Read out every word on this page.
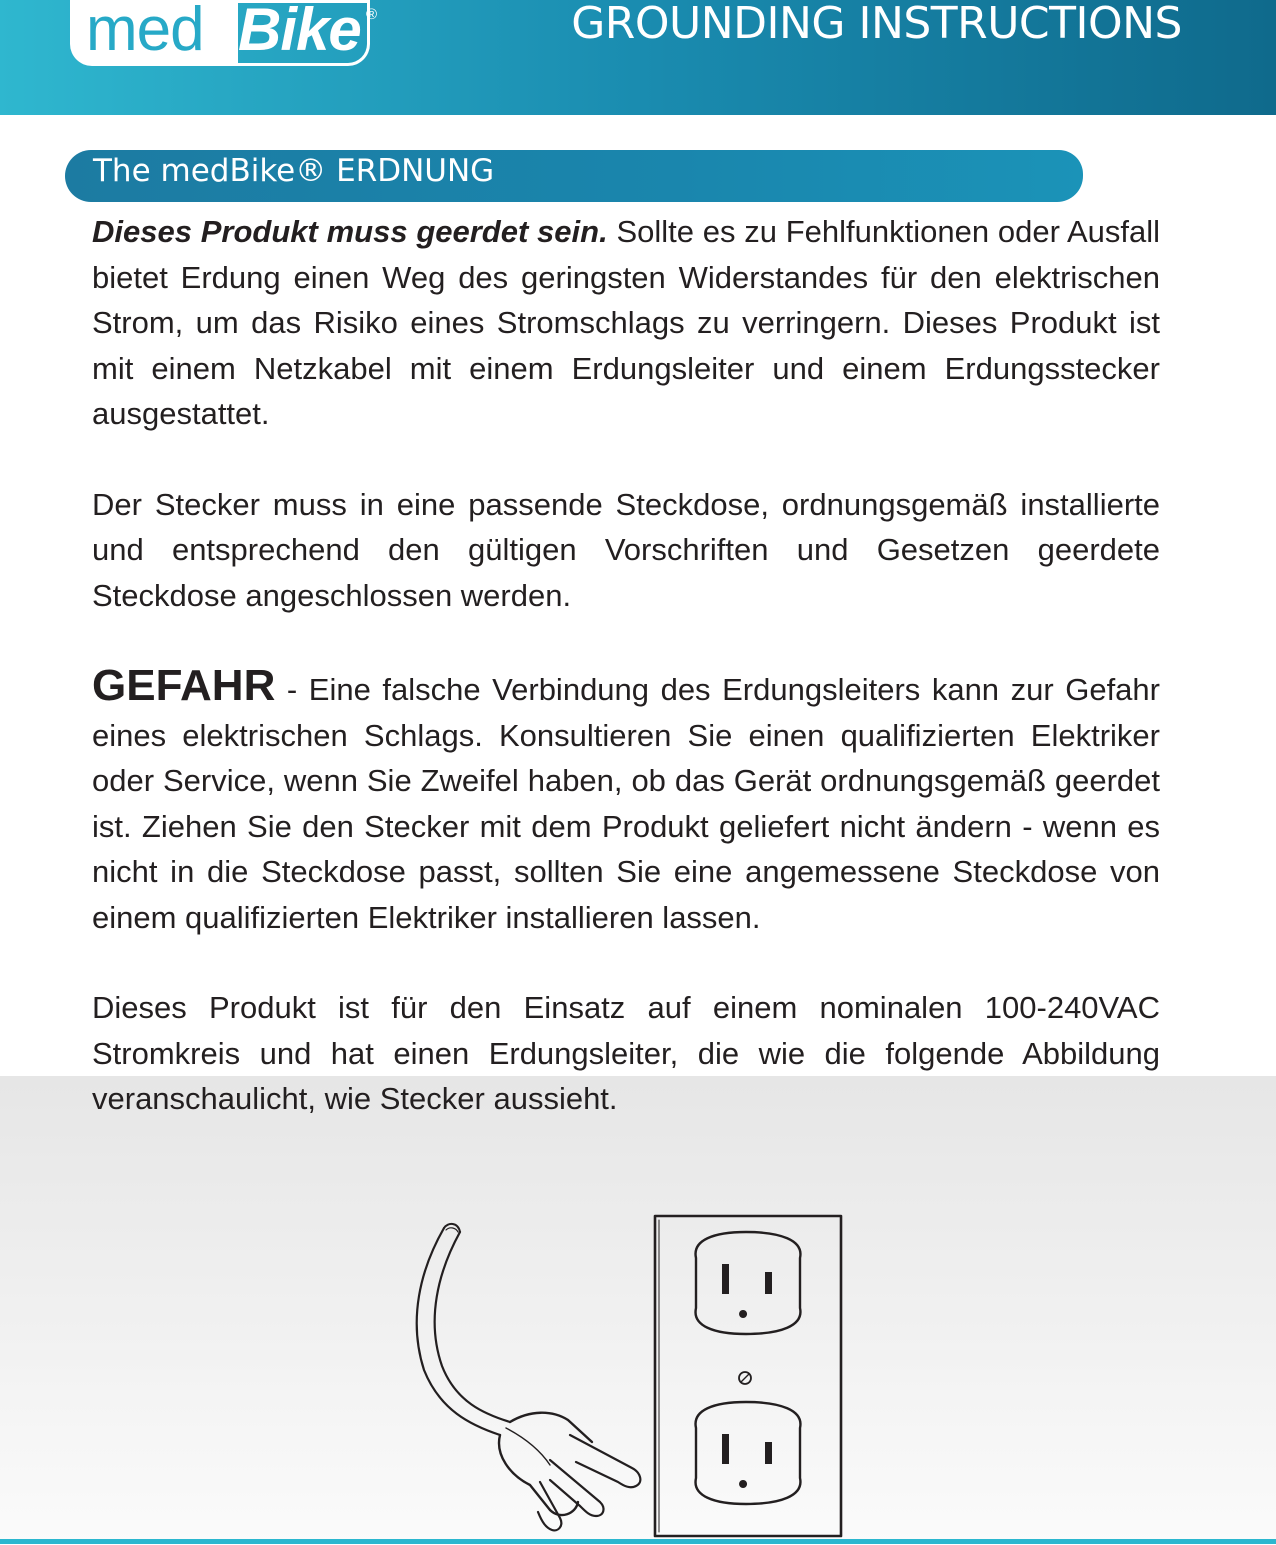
med Bike ®	GROUNDING INSTRUCTIONS
The medBike® ERDNUNG

Dieses Produkt muss geerdet sein. Sollte es zu Fehlfunktionen oder Ausfall bietet Erdung einen Weg des geringsten Widerstandes für den elektrischen Strom, um das Risiko eines Stromschlags zu verringern. Dieses Produkt ist mit einem Netzkabel mit einem Erdungsleiter und einem Erdungsstecker ausgestattet.

Der Stecker muss in eine passende Steckdose, ordnungsgemäß installierte und entsprechend den gültigen Vorschriften und Gesetzen geerdete Steckdose angeschlossen werden.

GEFAHR - Eine falsche Verbindung des Erdungsleiters kann zur Gefahr eines elektrischen Schlags. Konsultieren Sie einen qualifizierten Elektriker oder Service, wenn Sie Zweifel haben, ob das Gerät ordnungsgemäß geerdet ist. Ziehen Sie den Stecker mit dem Produkt geliefert nicht ändern - wenn es nicht in die Steckdose passt, sollten Sie eine angemessene Steckdose von einem qualifizierten Elektriker installieren lassen.

Dieses Produkt ist für den Einsatz auf einem nominalen 100-240VAC Stromkreis und hat einen Erdungsleiter, die wie die folgende Abbildung veranschaulicht, wie Stecker aussieht.
